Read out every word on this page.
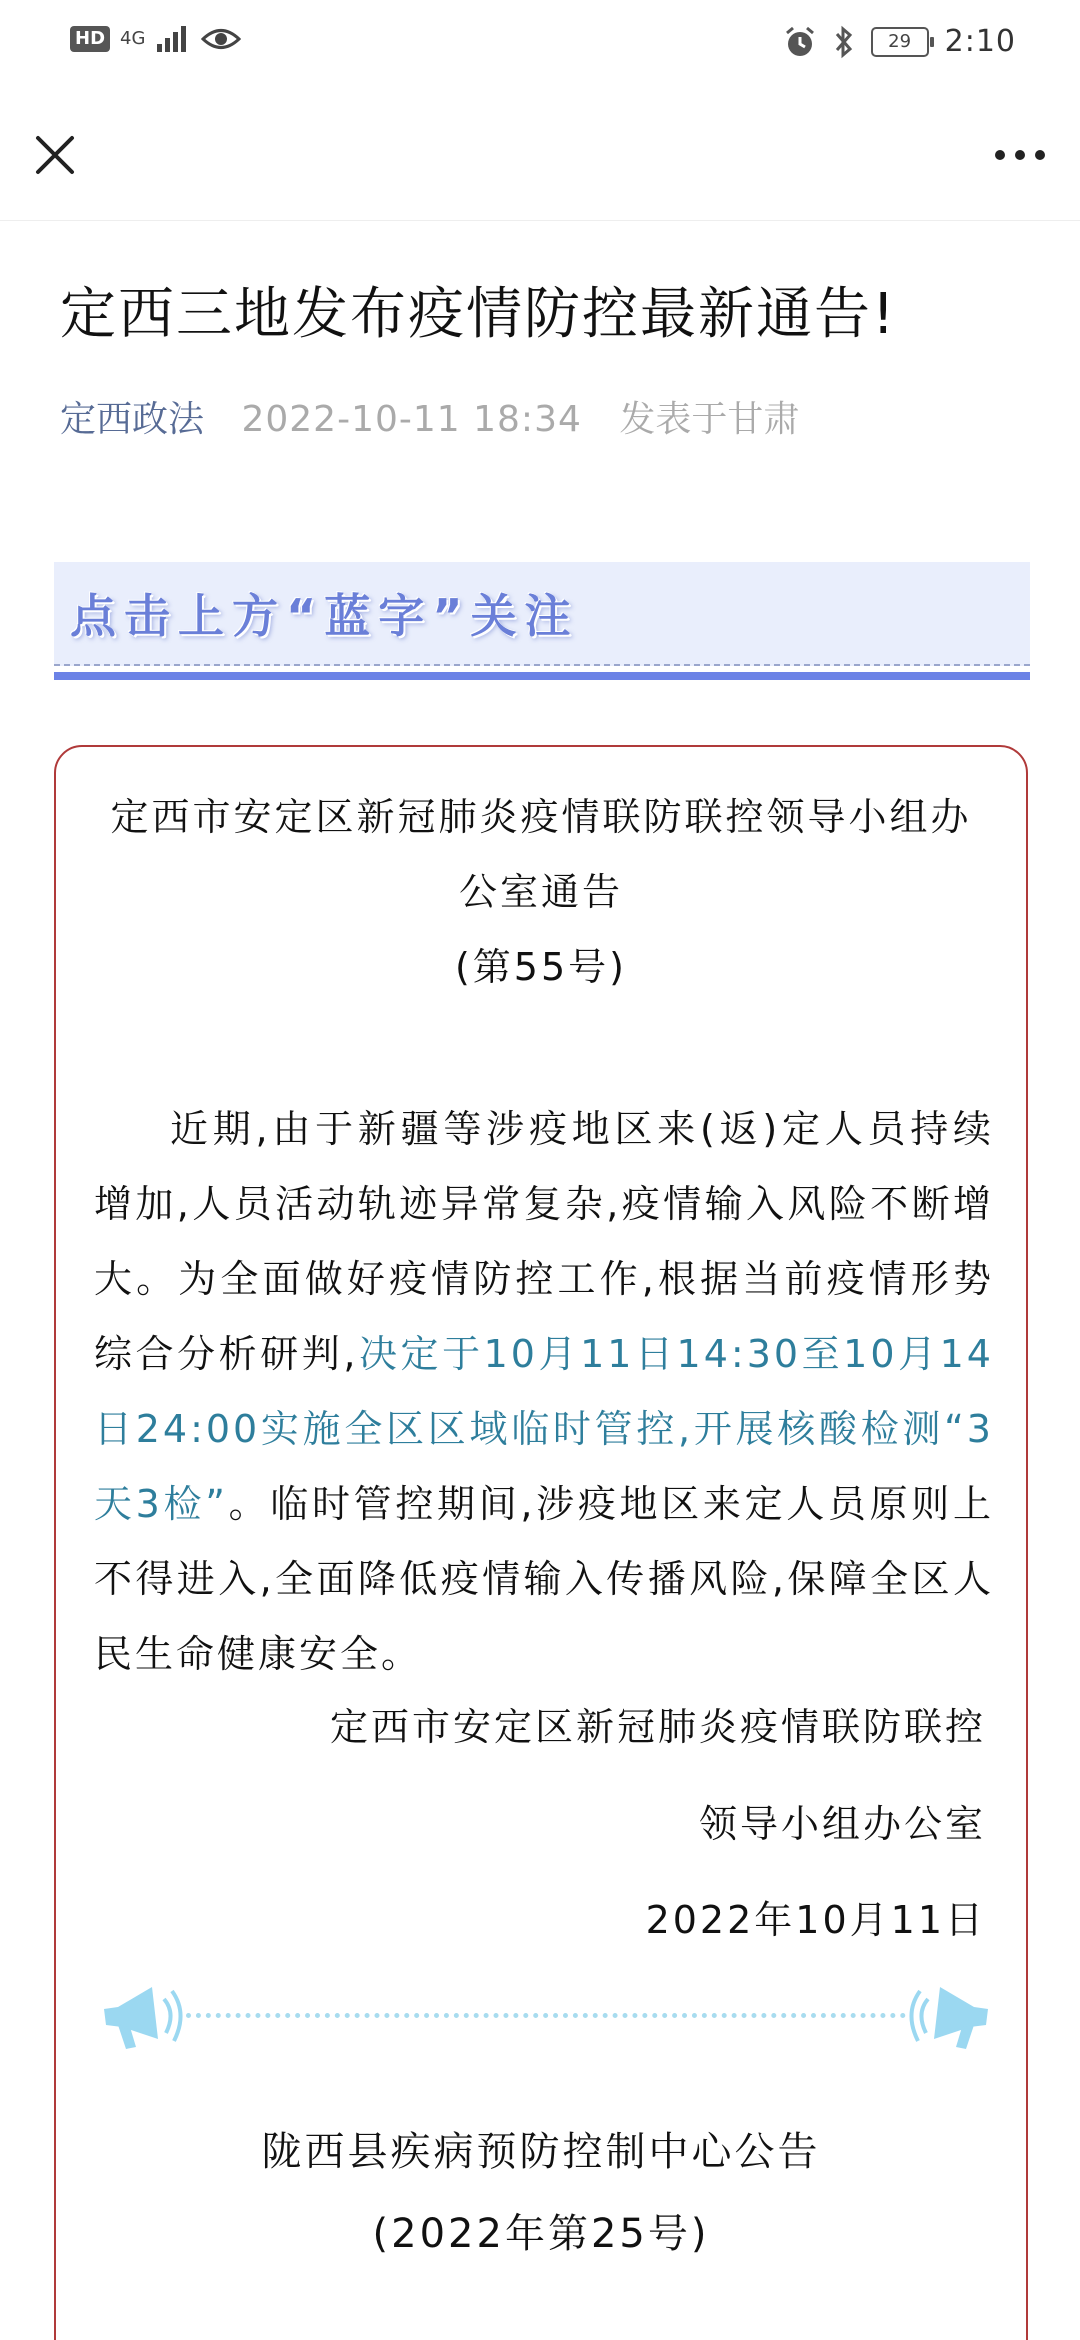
HD 4G	29	2:10
定西三地发布疫情防控最新通告!
定西政法 2022-10-11 18:34 发表于甘肃
点击上方“蓝字”关注
定西市安定区新冠肺炎疫情联防联控领导小组办
公室通告
(第55号)
近期,由于新疆等涉疫地区来(返)定人员持续增加,人员活动轨迹异常复杂,疫情输入风险不断增大。为全面做好疫情防控工作,根据当前疫情形势综合分析研判,决定于10月11日14:30至10月14日24:00实施全区区域临时管控,开展核酸检测“3天3检”。临时管控期间,涉疫地区来定人员原则上不得进入,全面降低疫情输入传播风险,保障全区人民生命健康安全。
定西市安定区新冠肺炎疫情联防联控
领导小组办公室
2022年10月11日
陇西县疾病预防控制中心公告
(2022年第25号)
